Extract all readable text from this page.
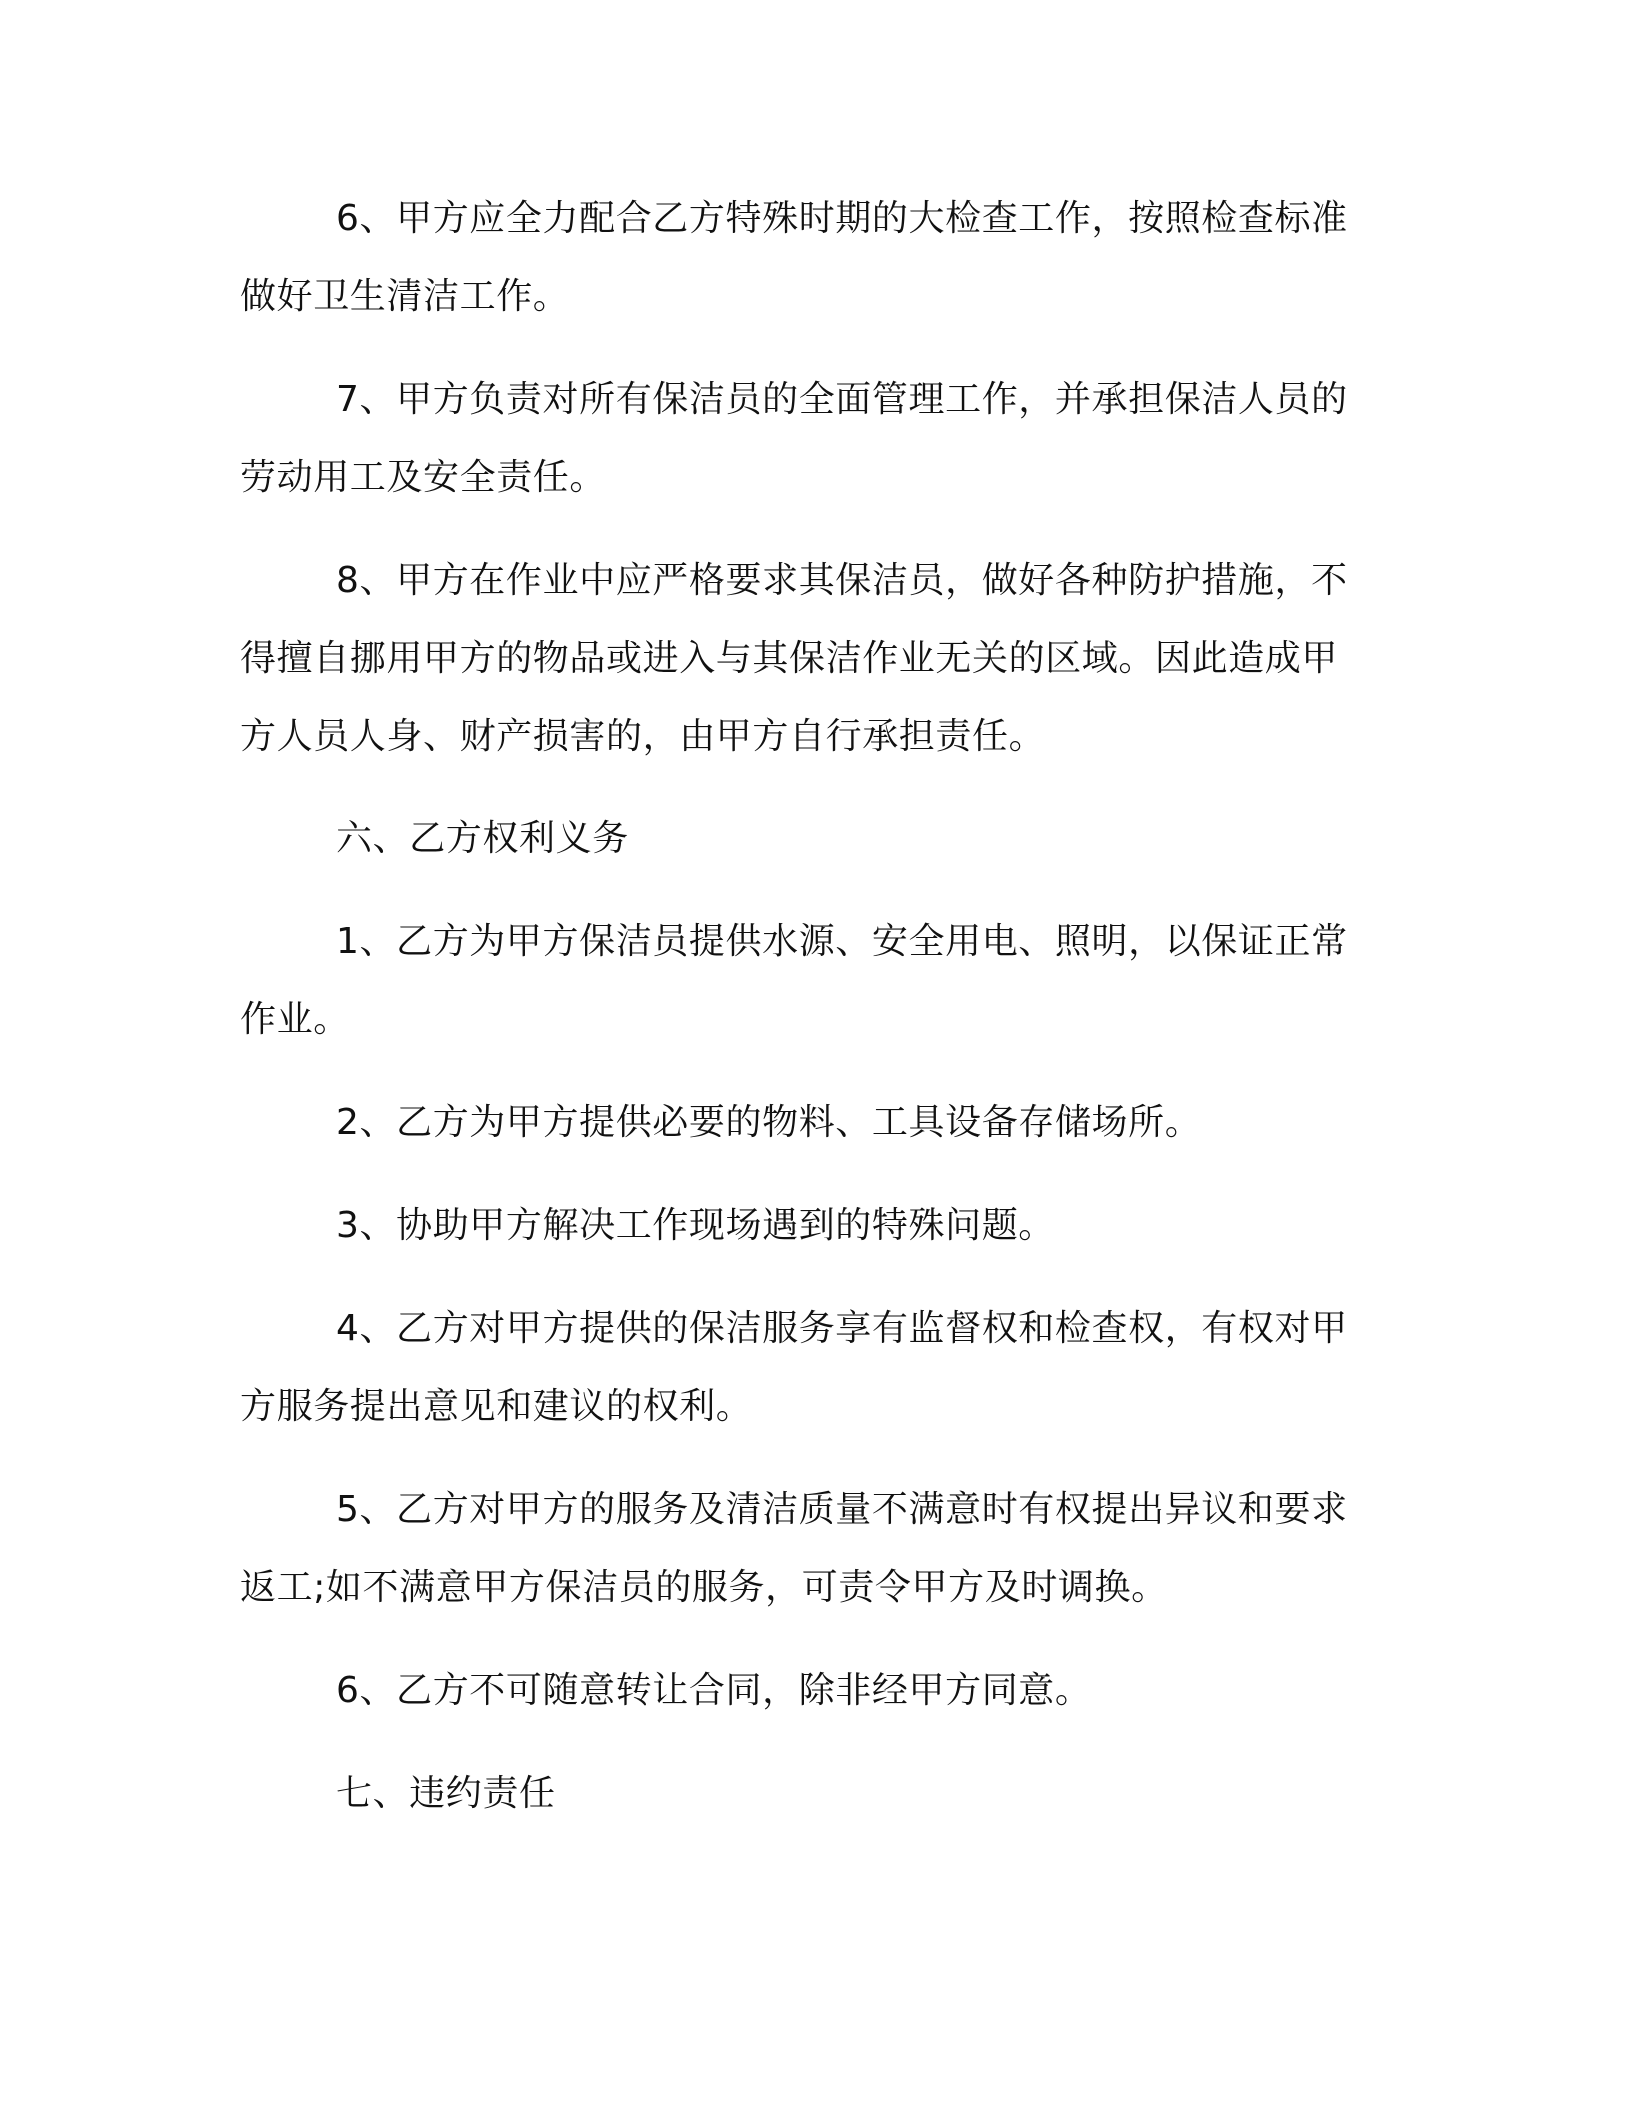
6、甲方应全力配合乙方特殊时期的大检查工作，按照检查标准做好卫生清洁工作。

7、甲方负责对所有保洁员的全面管理工作，并承担保洁人员的劳动用工及安全责任。

8、甲方在作业中应严格要求其保洁员，做好各种防护措施，不得擅自挪用甲方的物品或进入与其保洁作业无关的区域。因此造成甲方人员人身、财产损害的，由甲方自行承担责任。

六、乙方权利义务

1、乙方为甲方保洁员提供水源、安全用电、照明，以保证正常作业。

2、乙方为甲方提供必要的物料、工具设备存储场所。

3、协助甲方解决工作现场遇到的特殊问题。

4、乙方对甲方提供的保洁服务享有监督权和检查权，有权对甲方服务提出意见和建议的权利。

5、乙方对甲方的服务及清洁质量不满意时有权提出异议和要求返工;如不满意甲方保洁员的服务，可责令甲方及时调换。

6、乙方不可随意转让合同，除非经甲方同意。

七、违约责任
